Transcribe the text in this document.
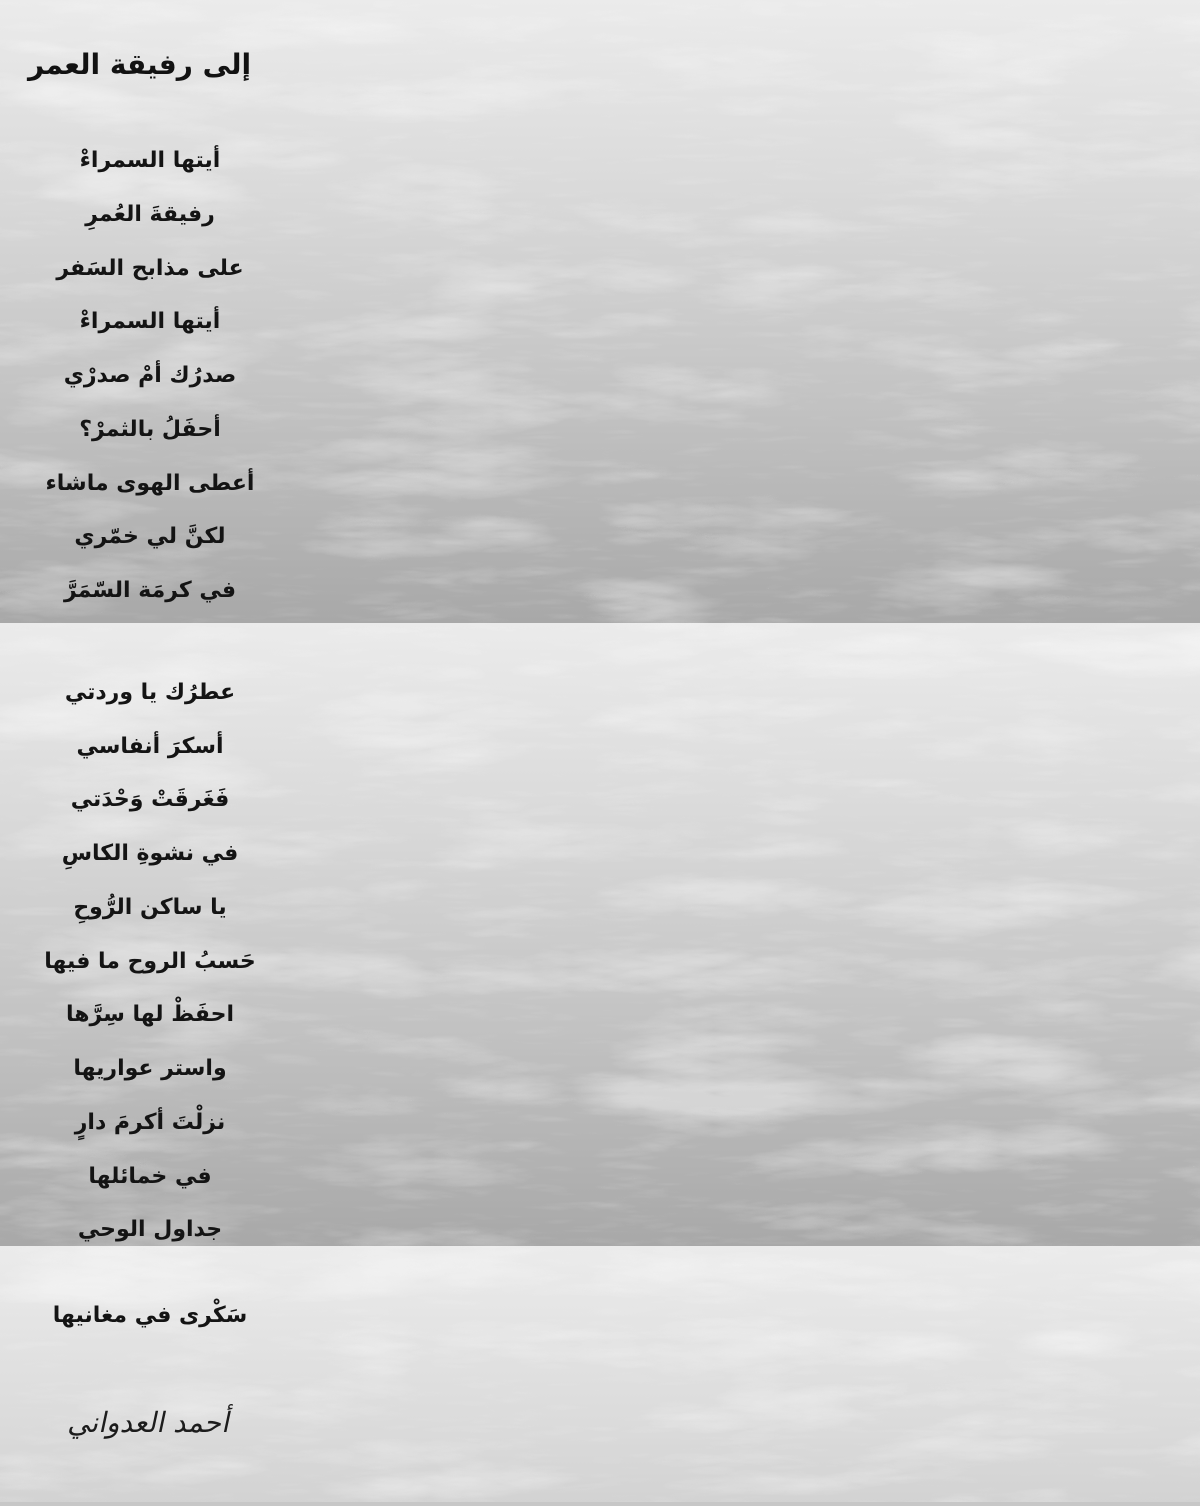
إلى رفيقة العمر
أيتها السمراءْ
رفيقةَ العُمرِ
على مذابح السَفر
أيتها السمراءْ
صدرُك أمْ صدرْي
أحفَلُ بالثمرْ؟
أعطى الهوى ماشاء
لكنَّ لي خمّري
في كرمَة السّمَرَّ
عطرُك يا وردتي
أسكرَ أنفاسي
فَغَرقَتْ وَحْدَتي
في نشوةِ الكاسِ
يا ساكن الرُّوحِ
حَسبُ الروح ما فيها
احفَظْ لها سِرَّها
واستر عواريها
نزلْتَ أكرمَ دارٍ
في خمائلها
جداول الوحي
سَكْرى في مغانيها
أحمد العدواني
